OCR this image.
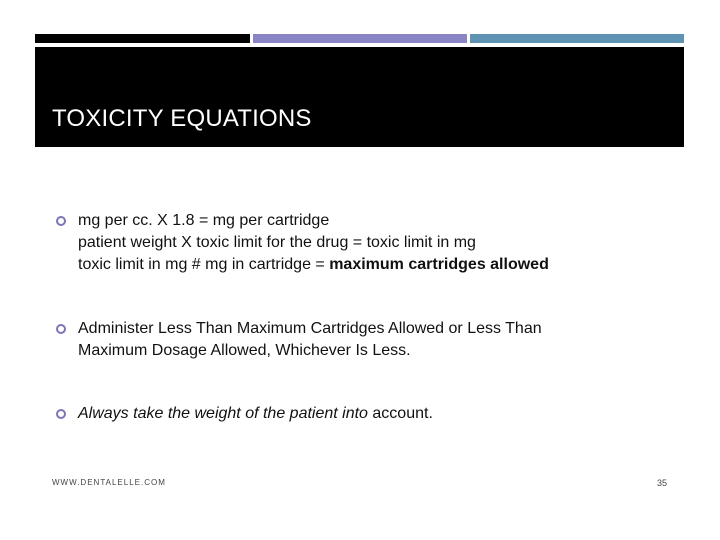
TOXICITY EQUATIONS
mg per cc. X 1.8 = mg per cartridge
patient weight X toxic limit for the drug = toxic limit in mg
toxic limit in mg # mg in cartridge = maximum cartridges allowed
Administer Less Than Maximum Cartridges Allowed or Less Than
Maximum Dosage Allowed, Whichever Is Less.
Always take the weight of the patient into account.
WWW.DENTALELLE.COM	35
